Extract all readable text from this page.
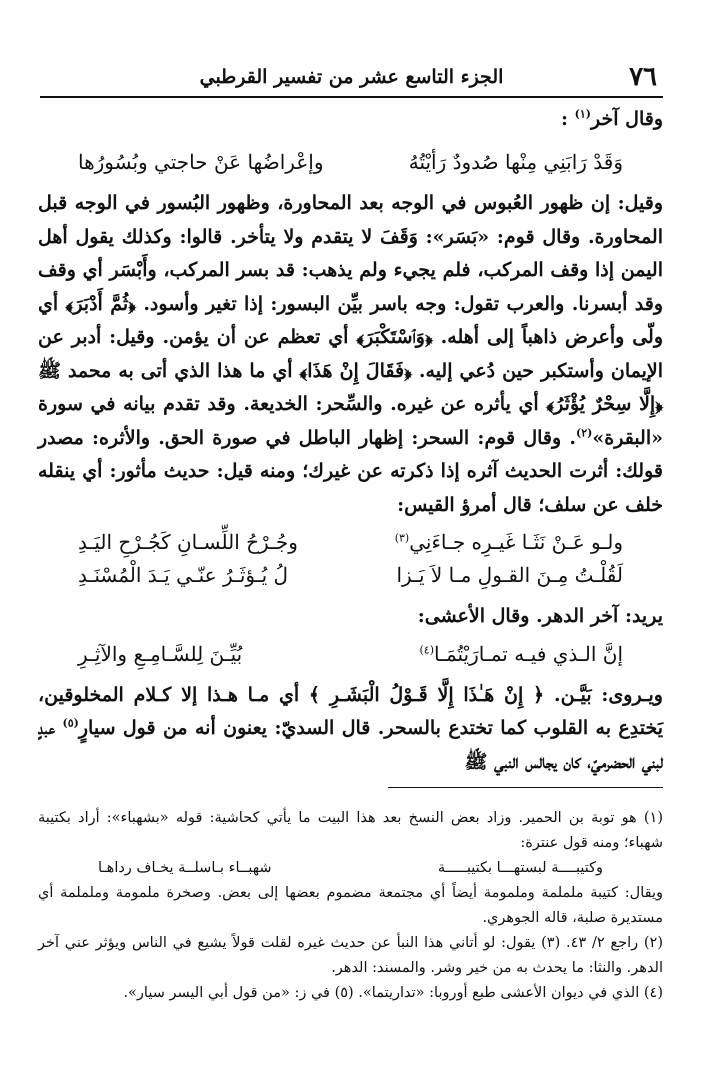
٧٦
الجزء التاسع عشر من تفسير القرطبي

وقال آخر$^{(١)}$ :

وَقَدْ رَابَنِي مِنْها صُدودٌ رَأيْتُهُ
وإعْراضُها عَنْ حاجتي وبُسُورُها

وقيل: إن ظهور العُبوس في الوجه بعد المحاورة، وظهور البُسور في الوجه قبل المحاورة. وقال قوم: «بَسَر»: وَقَفَ لا يتقدم ولا يتأخر. قالوا: وكذلك يقول أهل اليمن إذا وقف المركب، فلم يجيء ولم يذهب: قد بسر المركب، وأَبْسَر أي وقف وقد أبسرنا. والعرب تقول: وجه باسر بيِّن البسور: إذا تغير وأسود. ﴿ثُمَّ أَدْبَرَ﴾ أي ولّى وأعرض ذاهباً إلى أهله. ﴿وَٱسْتَكْبَرَ﴾ أي تعظم عن أن يؤمن. وقيل: أدبر عن الإيمان وأستكبر حين دُعي إليه. ﴿فَقَالَ إِنْ هَذَا﴾ أي ما هذا الذي أتى به محمد ﷺ ﴿إِلَّا سِحْرٌ يُؤْثَرُ﴾ أي يأثره عن غيره. والسِّحر: الخديعة. وقد تقدم بيانه في سورة «البقرة»$^{(٢)}$. وقال قوم: السحر: إظهار الباطل في صورة الحق. والأثره: مصدر قولك: أثرت الحديث آثره إذا ذكرته عن غيرك؛ ومنه قيل: حديث مأثور: أي ينقله خلف عن سلف؛ قال أمرؤ القيس:

ولـو عَـنْ نَثَـا غَيـرِه جـاءَنِي$^{(٣)}$
وجُـرْحُ اللِّسـانِ كَجُـرْحِ اليَـدِ
لَقُلْـتُ مِـنَ القـولِ مـا لاَ يَـزا
لُ يُـؤثَـرُ عنّـي يَـدَ الْمُسْنَـدِ

يريد: آخر الدهر. وقال الأعشى:

إنَّ الـذي فيـه تمـارَيْتُمَـا$^{(٤)}$
بُيِّـنَ لِلسَّـامِـعِ والآثِـرِ

ويـروى: بَيَّـن. ﴿ إِنْ هَـٰذَا إِلَّا قَـوْلُ الْبَشَـرِ ﴾ أي مـا هـذا إلا كـلام المخلوقين، يَختدِع به القلوب كما تختدع بالسحر. قال السديّ: يعنون أنه من قول سيارٍ$^{(٥)}$ عبدٍ لبني الحضرميّ، كان يجالس النبي ﷺ

(١) هو توبة بن الحمير. وزاد بعض النسخ بعد هذا البيت ما يأتي كحاشية: قوله «بشهباء»: أراد بكتيبة شهباء؛ ومنه قول عنترة:

وكتيبــــة لبستهـــا بكتيبـــــة
شهبــاء بـاسلــة يخـاف رداهـا

ويقال: كتيبة ململمة وملمومة أيضاً أي مجتمعة مضموم بعضها إلى بعض. وصخرة ملمومة وململمة أي مستديرة صلبة، قاله الجوهري.

(٢) راجع ٢/ ٤٣. (٣) يقول: لو أتاني هذا النبأ عن حديث غيره لقلت قولاً يشيع في الناس ويؤثر عني آخر الدهر. والنثا: ما يحدث به من خير وشر. والمسند: الدهر.

(٤) الذي في ديوان الأعشى طبع أوروبا: «تداريتما». (٥) في ز: «من قول أبي اليسر سيار».
